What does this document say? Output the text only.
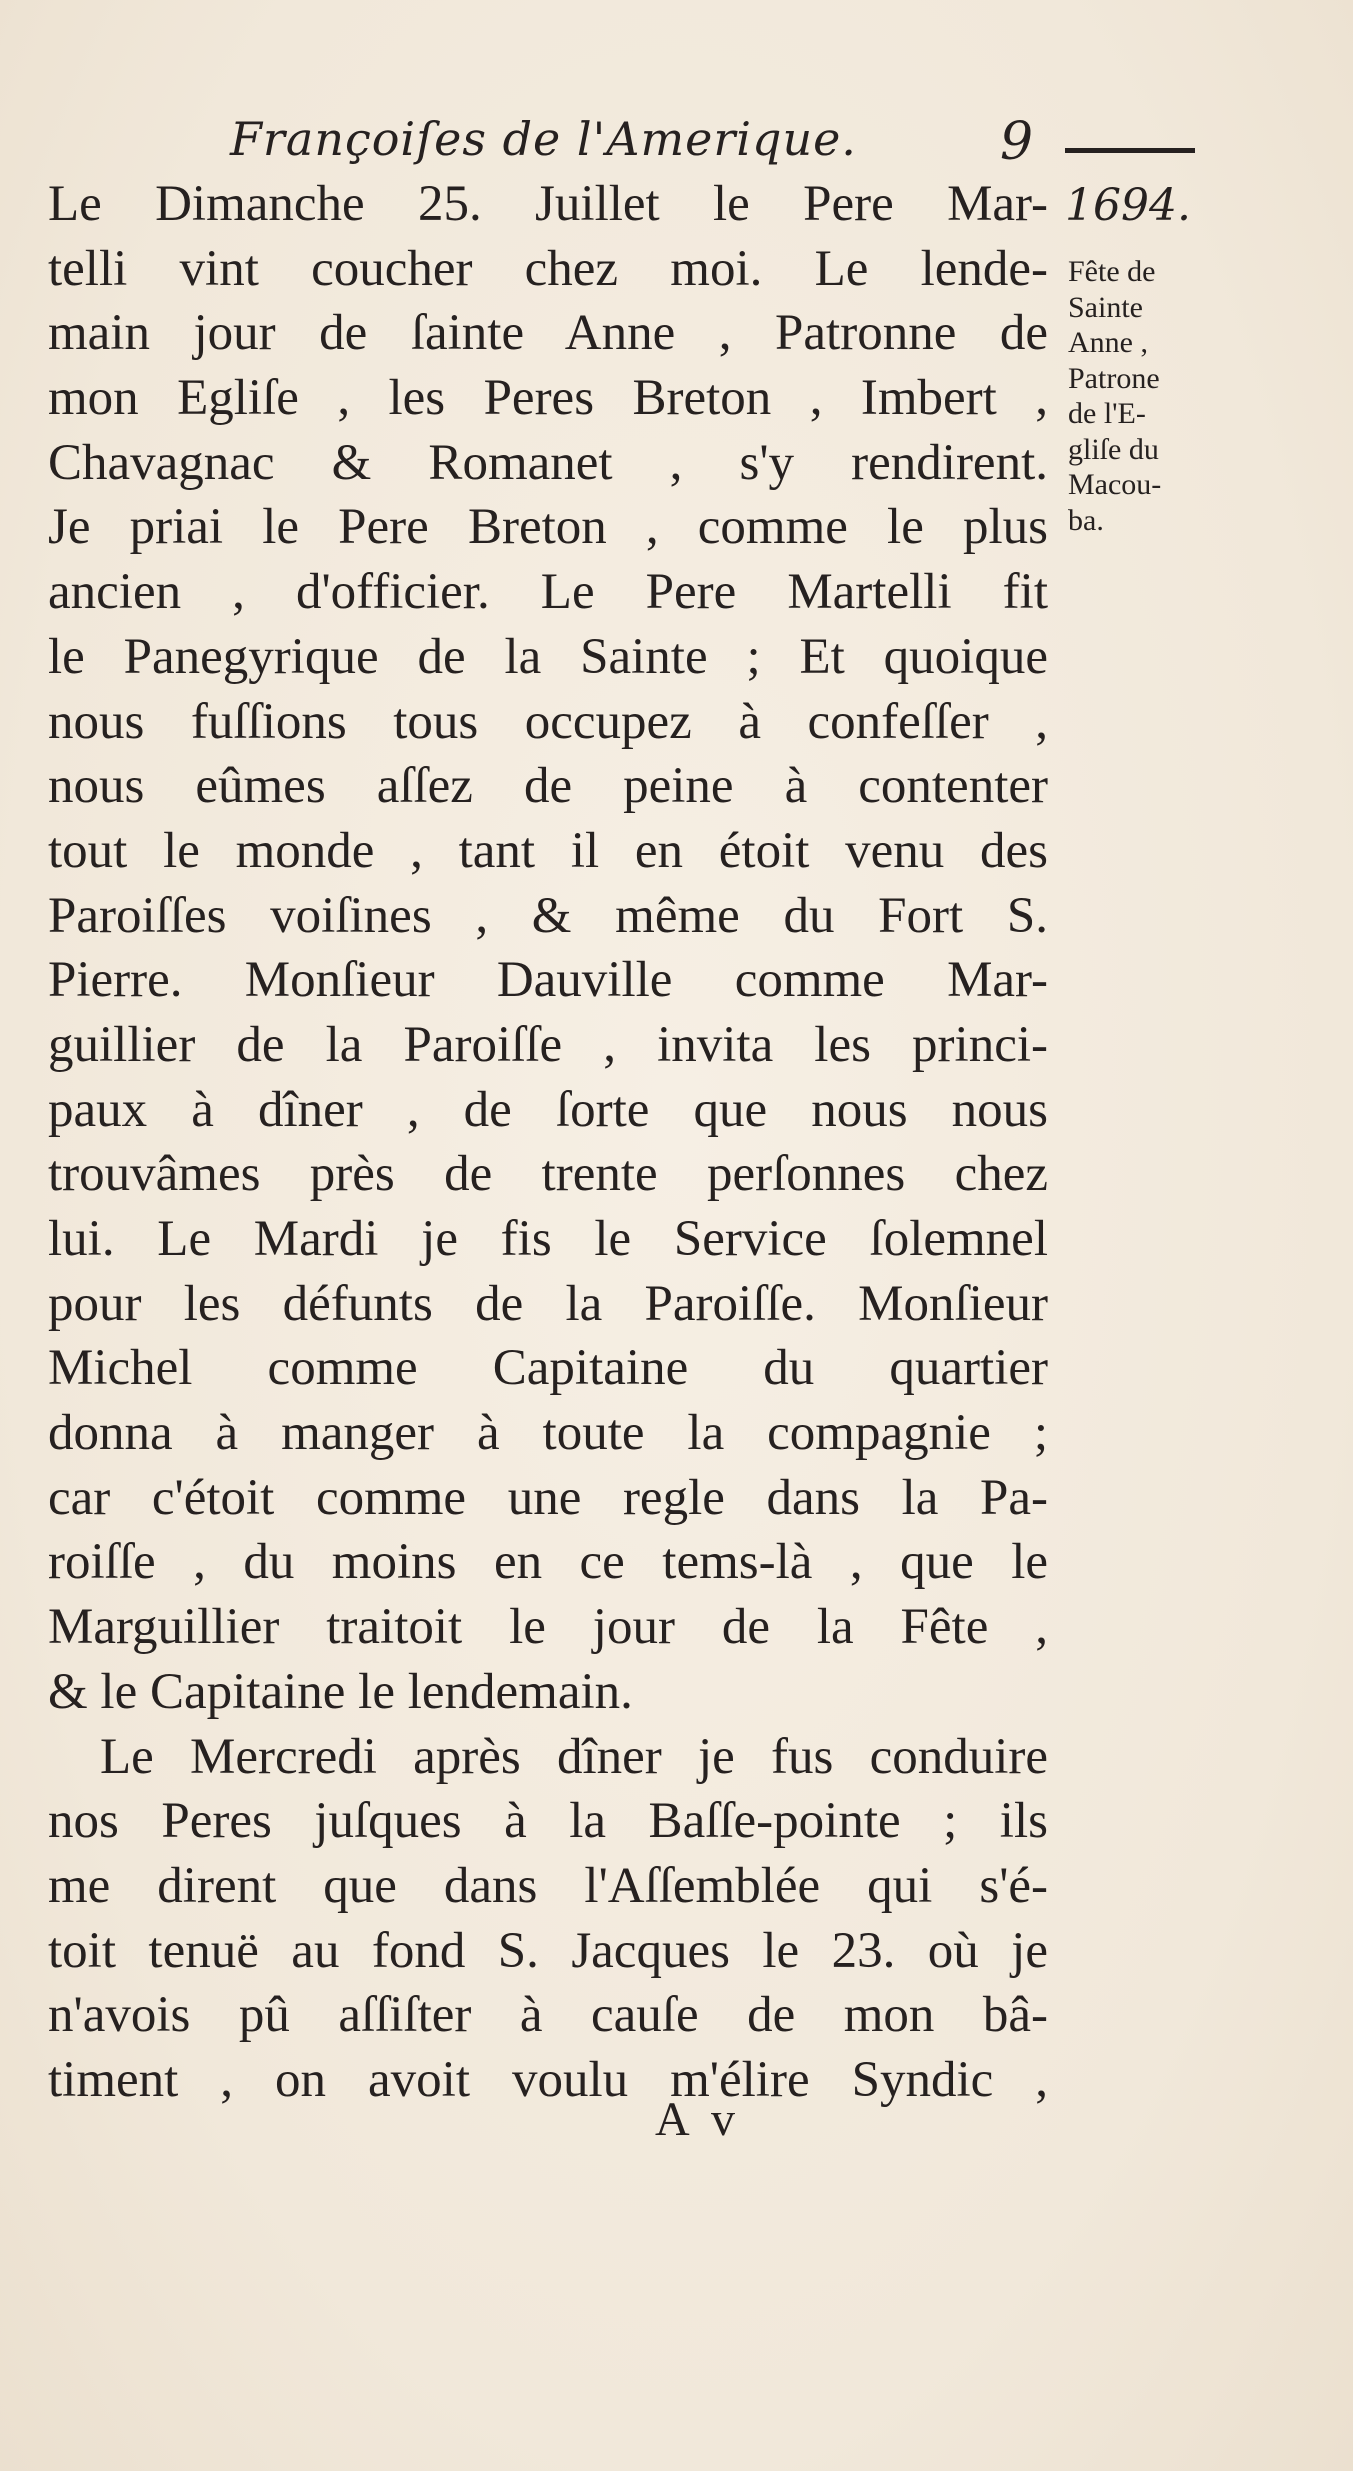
Françoiſes de l'Amerique.	9
1694.
Fête de
Sainte
Anne ,
Patrone
de l'E-
gliſe du
Macou-
ba.
Le Dimanche 25. Juillet le Pere Mar-
telli vint coucher chez moi. Le lende-
main jour de ſainte Anne , Patronne de
mon Egliſe , les Peres Breton , Imbert ,
Chavagnac & Romanet , s'y rendirent.
Je priai le Pere Breton , comme le plus
ancien , d'officier. Le Pere Martelli fit
le Panegyrique de la Sainte ; Et quoique
nous fuſſions tous occupez à confeſſer ,
nous eûmes aſſez de peine à contenter
tout le monde , tant il en étoit venu des
Paroiſſes voiſines , & même du Fort S.
Pierre. Monſieur Dauville comme Mar-
guillier de la Paroiſſe , invita les princi-
paux à dîner , de ſorte que nous nous
trouvâmes près de trente perſonnes chez
lui. Le Mardi je fis le Service ſolemnel
pour les défunts de la Paroiſſe. Monſieur
Michel comme Capitaine du quartier
donna à manger à toute la compagnie ;
car c'étoit comme une regle dans la Pa-
roiſſe , du moins en ce tems-là , que le
Marguillier traitoit le jour de la Fête ,
& le Capitaine le lendemain.
Le Mercredi après dîner je fus conduire
nos Peres juſques à la Baſſe-pointe ; ils
me dirent que dans l'Aſſemblée qui s'é-
toit tenuë au fond S. Jacques le 23. où je
n'avois pû aſſiſter à cauſe de mon bâ-
timent , on avoit voulu m'élire Syndic ,
A v
